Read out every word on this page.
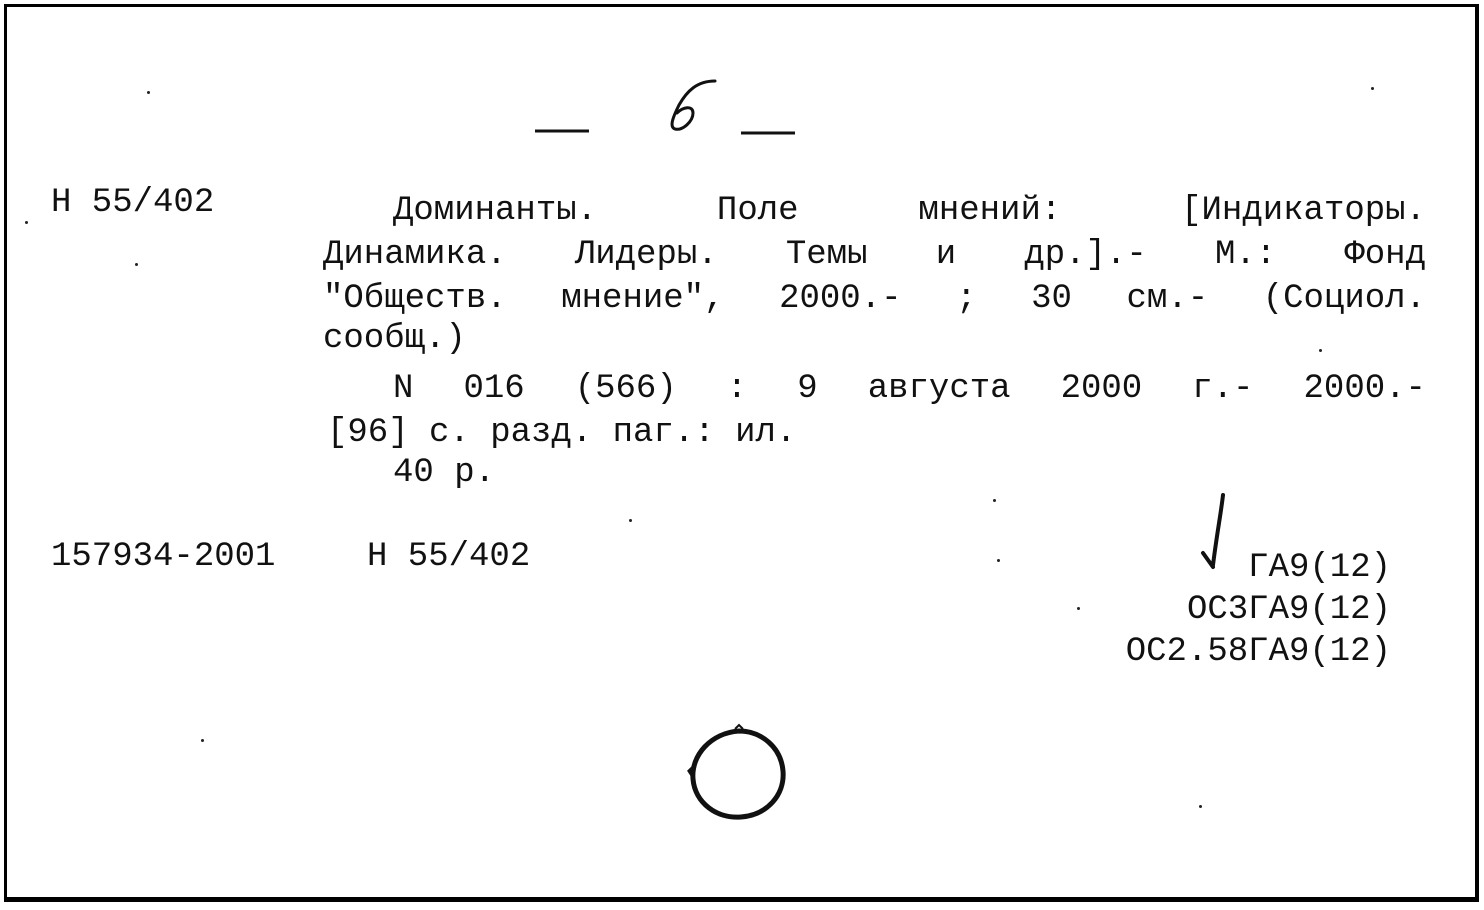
Н 55/402	Доминанты.	Поле	мнений:	[Индикаторы.
Динамика. Лидеры. Темы и др.].- М.: Фонд
"Обществ. мнение", 2000.- ; 30 см.- (Социол.
сообщ.)
N 016 (566) : 9 августа 2000 г.- 2000.-
[96] с. разд. паг.: ил.
40 р.
157934-2001	Н 55/402	ГА9(12)
ОС3ГА9(12)
ОС2.58ГА9(12)
